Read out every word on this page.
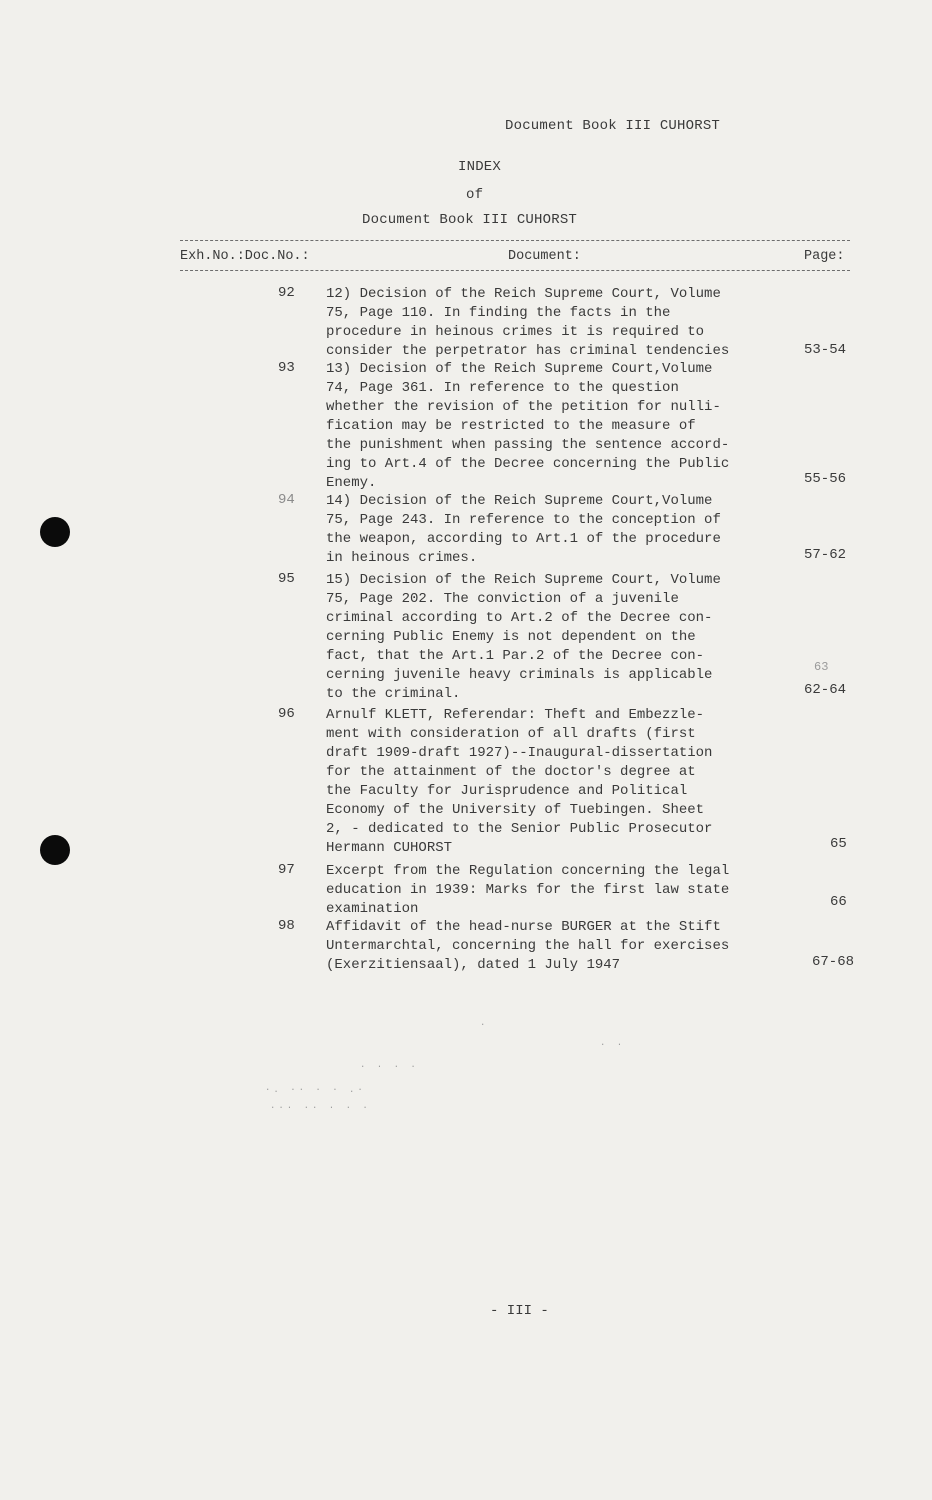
Document Book III CUHORST
INDEX
of
Document Book III CUHORST
Exh.No.:Doc.No.:	Document:	Page:
92 12) Decision of the Reich Supreme Court, Volume
75, Page 110. In finding the facts in the
procedure in heinous crimes it is required to
consider the perpetrator has criminal tendencies	53-54
93 13) Decision of the Reich Supreme Court,Volume
74, Page 361. In reference to the question
whether the revision of the petition for nulli-
fication may be restricted to the measure of
the punishment when passing the sentence accord-
ing to Art.4 of the Decree concerning the Public
Enemy.	55-56
94 14) Decision of the Reich Supreme Court,Volume
75, Page 243. In reference to the conception of
the weapon, according to Art.1 of the procedure
in heinous crimes.	57-62
95 15) Decision of the Reich Supreme Court, Volume
75, Page 202. The conviction of a juvenile
criminal according to Art.2 of the Decree con-
cerning Public Enemy is not dependent on the
fact, that the Art.1 Par.2 of the Decree con-
cerning juvenile heavy criminals is applicable
to the criminal.	62-64
96 Arnulf KLETT, Referendar: Theft and Embezzle-
ment with consideration of all drafts (first
draft 1909-draft 1927)--Inaugural-dissertation
for the attainment of the doctor's degree at
the Faculty for Jurisprudence and Political
Economy of the University of Tuebingen. Sheet
2, - dedicated to the Senior Public Prosecutor
Hermann CUHORST	65
97 Excerpt from the Regulation concerning the legal
education in 1939: Marks for the first law state
examination	66
98 Affidavit of the head-nurse BURGER at the Stift
Untermarchtal, concerning the hall for exercises
(Exerzitiensaal), dated 1 July 1947	67-68
63
·
· ·
· · · ·
·. ·· · · .·
··· ·· · · ·
- III -
